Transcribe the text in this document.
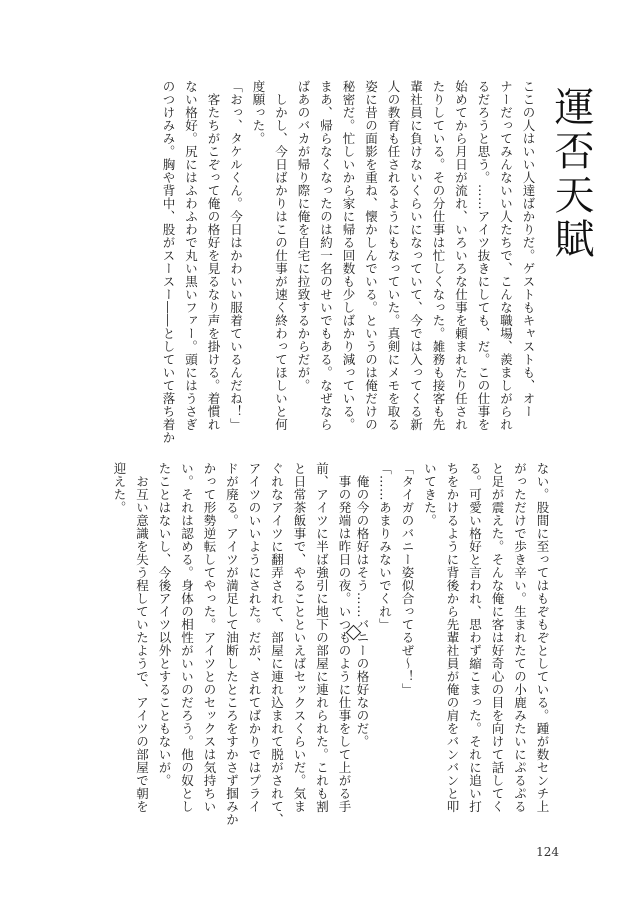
運否天賦

ここの人はいい人達ばかりだ。ゲストもキャストも、オー

ナーだってみんないい人たちで、こんな職場、羨ましがられ

るだろうと思う。……アイツ抜きにしても、だ。この仕事を

始めてから月日が流れ、いろいろな仕事を頼まれたり任され

たりしている。その分仕事は忙しくなった。雑務も接客も先

輩社員に負けないくらいになっていて、今では入ってくる新

人の教育も任されるようにもなっていた。真剣にメモを取る

姿に昔の面影を重ね、懐かしんでいる。というのは俺だけの

秘密だ。忙しいから家に帰る回数も少しばかり減っている。

まあ、帰らなくなったのは約一名のせいでもある。なぜなら

ばあのバカが帰り際に俺を自宅に拉致するからだが。

　しかし、今日ばかりはこの仕事が速く終わってほしいと何

度願った。

「おっ、タケルくん。今日はかわいい服着ているんだね！」

　客たちがこぞって俺の格好を見るなり声を掛ける。着慣れ

ない格好。尻にはふわふわで丸い黒いファー。頭にはうさぎ

のつけみみ。胸や背中、股がスースー――としていて落ち着か

ない。股間に至ってはもぞもぞとしている。踵が数センチ上

がっただけで歩き辛い。生まれたての小鹿みたいにぷるぷる

と足が震えた。そんな俺に客は好奇心の目を向けて話してく

る。可愛い格好と言われ、思わず縮こまった。それに追い打

ちをかけるように背後から先輩社員が俺の肩をバンバンと叩

いてきた。

「タイガのバニー姿似合ってるぜ〜！」

「……あまりみないでくれ」

　俺の今の格好はそう……バニーの格好なのだ。

　事の発端は昨日の夜。いつものように仕事をして上がる手

前、アイツに半ば強引に地下の部屋に連れられた。これも割

と日常茶飯事で、やることといえばセックスくらいだ。気ま

ぐれなアイツに翻弄されて、部屋に連れ込まれて脱がされて、

アイツのいいようにされた。だが、されてばかりではプライ

ドが廃る。アイツが満足して油断したところをすかさず掴みか

かって形勢逆転してやった。アイツとのセックスは気持ちい

い。それは認める。身体の相性がいいのだろう。他の奴とし

たことはないし、今後アイツ以外とすることもないが。

　お互い意識を失う程していたようで、アイツの部屋で朝を

迎えた。

124
